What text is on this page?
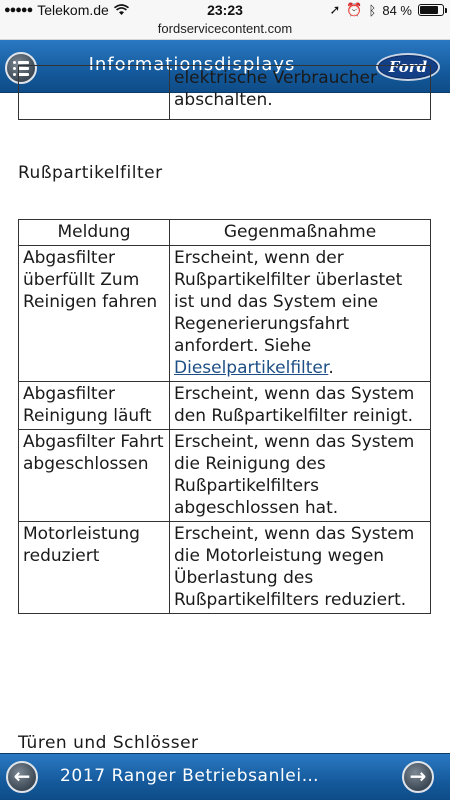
●●●●● Telekom.de	23:23	➚ ⏰ ᛒ 84 %
fordservicecontent.com
Informationsdisplays	Ford

elektrische Verbraucher
abschalten.
Rußpartikelfilter
Meldung	Gegenmaßnahme
Abgasfilter überfüllt Zum Reinigen fahren	Erscheint, wenn der Rußpartikelfilter überlastet ist und das System eine Regenerierungsfahrt anfordert. Siehe Dieselpartikelfilter.
Abgasfilter Reinigung läuft	Erscheint, wenn das System den Rußpartikelfilter reinigt.
Abgasfilter Fahrt abgeschlossen	Erscheint, wenn das System die Reinigung des Rußpartikelfilters abgeschlossen hat.
Motorleistung reduziert	Erscheint, wenn das System die Motorleistung wegen Überlastung des Rußpartikelfilters reduziert.
Türen und Schlösser
←	2017 Ranger Betriebsanlei…	→
